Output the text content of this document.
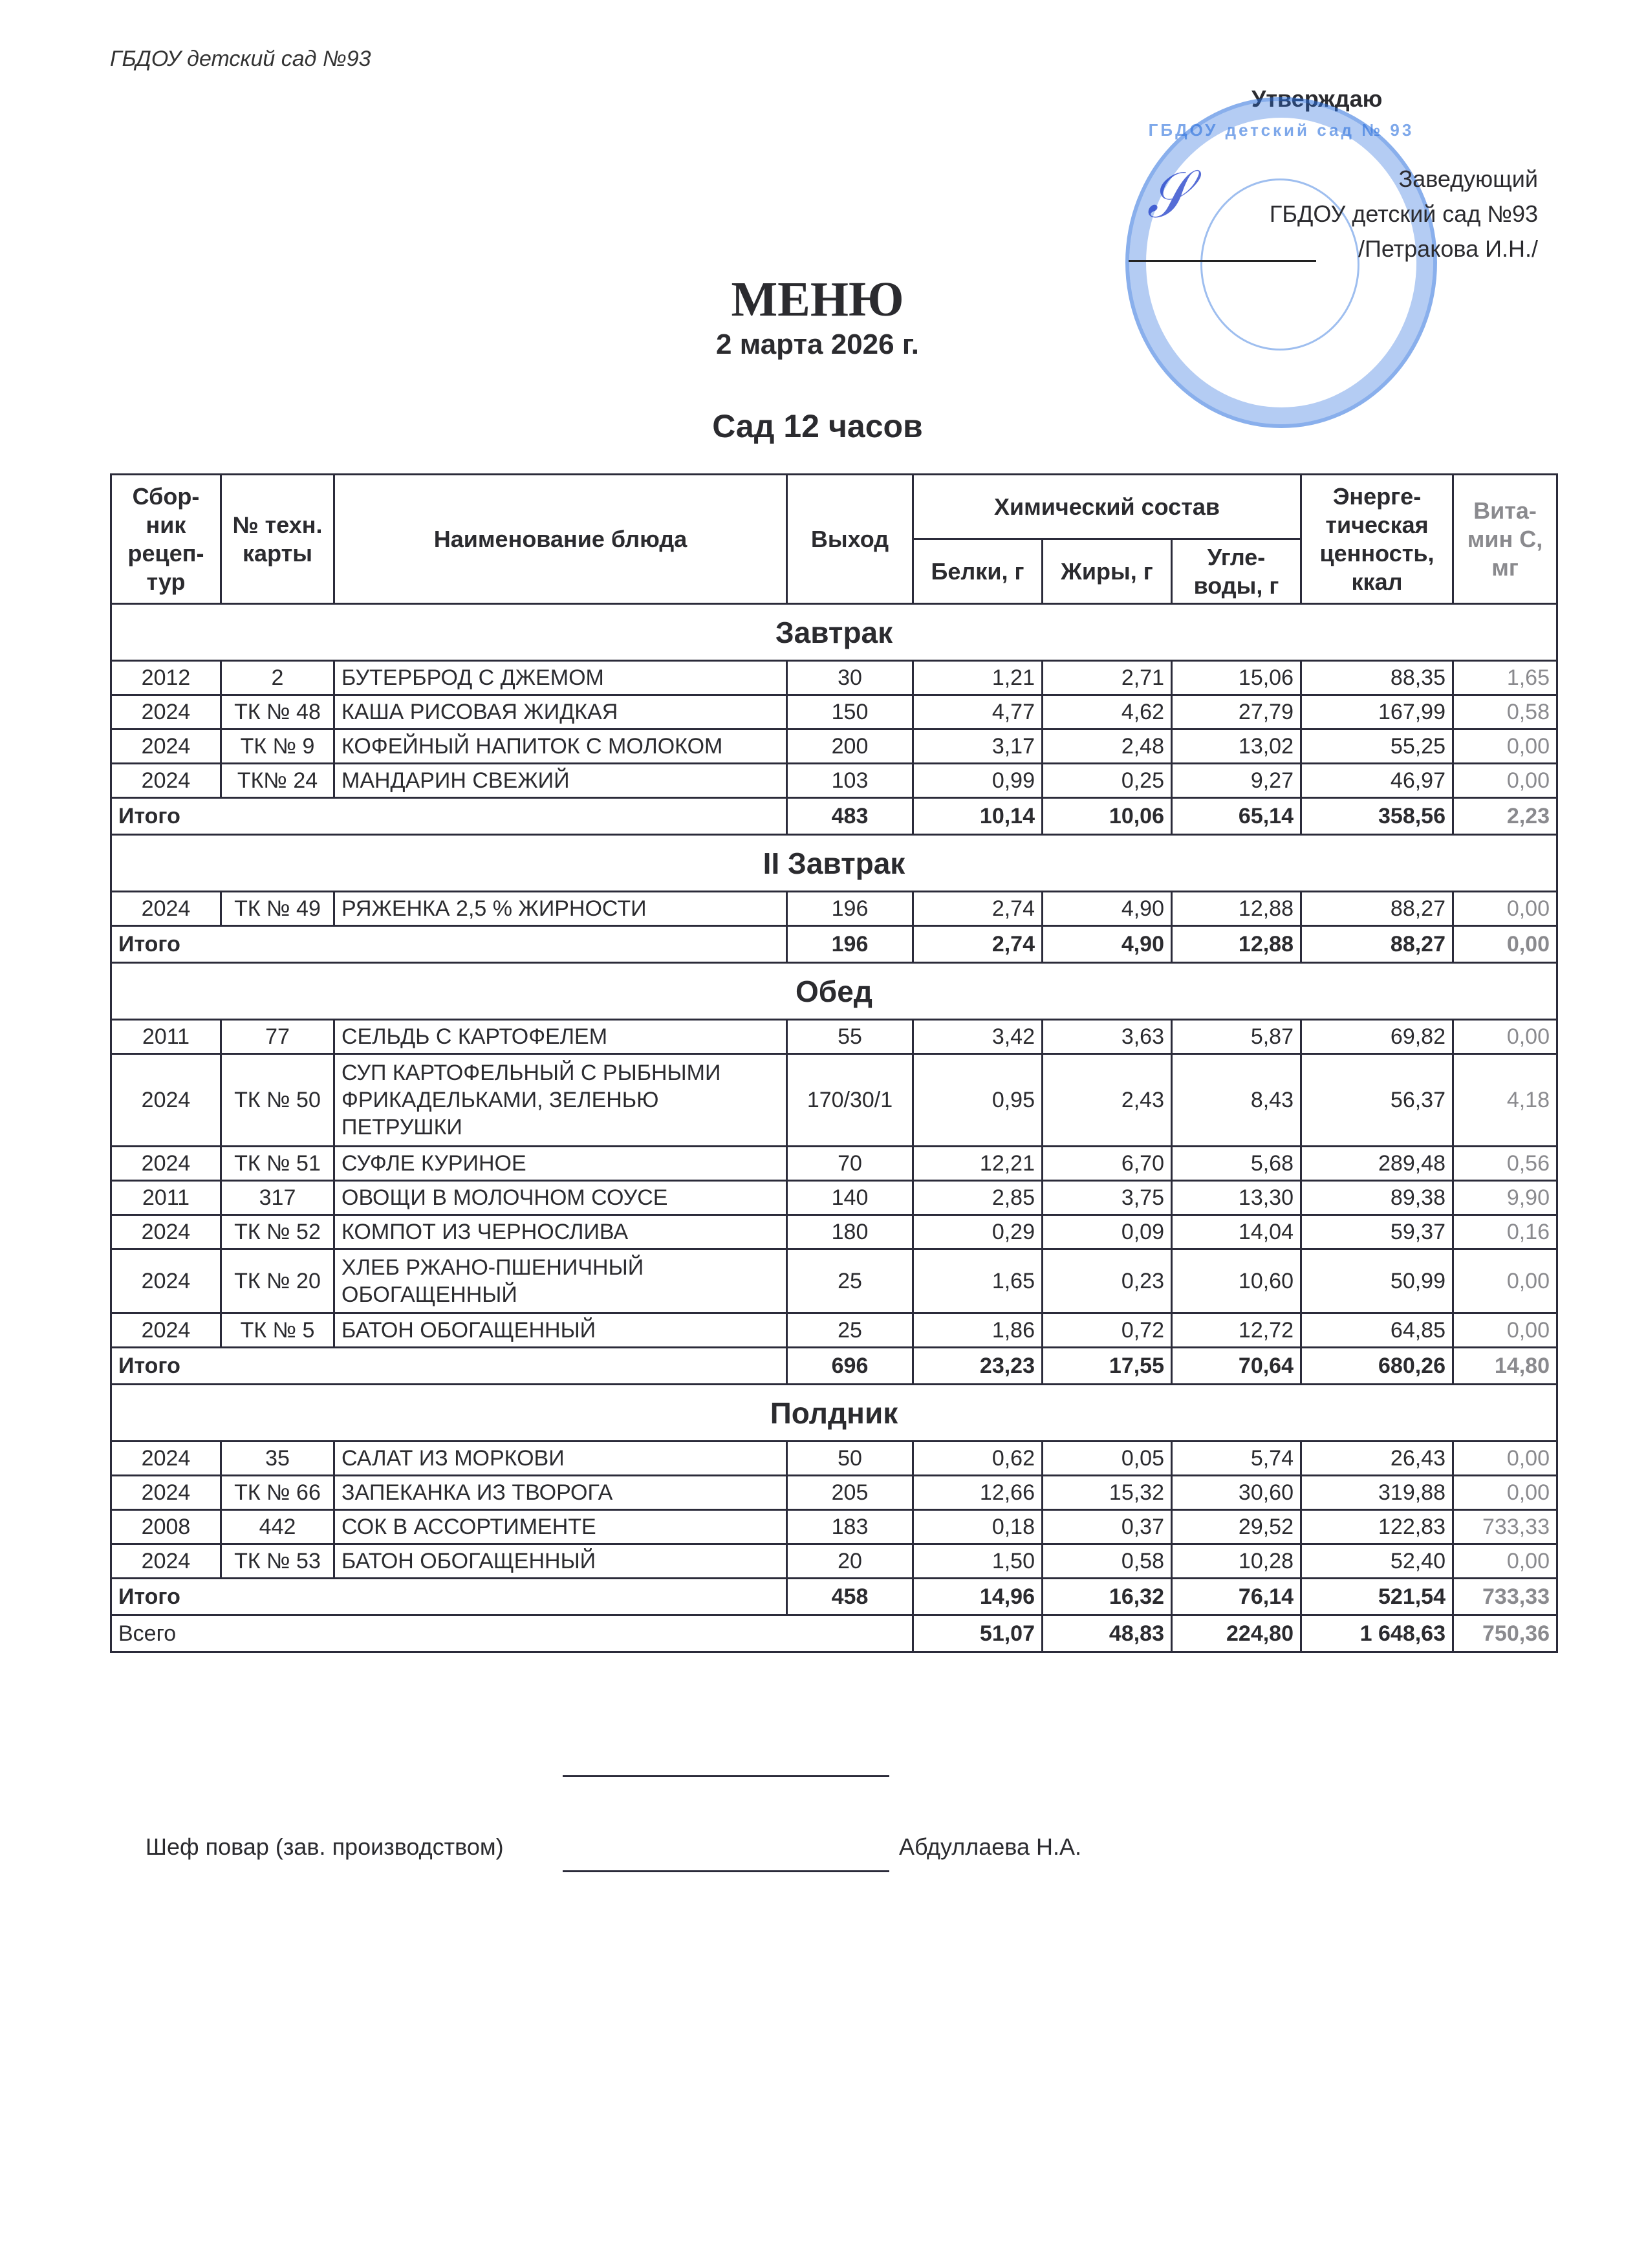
ГБДОУ детский сад №93
Утверждаю
ГБДОУ детский сад № 93
Заведующий
ГБДОУ детский сад №93
/Петракова И.Н./
𝒮
МЕНЮ
2 марта 2026 г.
Сад 12 часов
Сбор-ник рецеп-тур	№ техн. карты	Наименование блюда	Выход	Химический состав			Энерге-тическая ценность, ккал	Вита-мин С, мг
				Белки, г	Жиры, г	Угле-воды, г		
Завтрак								
2012	2	БУТЕРБРОД С ДЖЕМОМ	30	1,21	2,71	15,06	88,35	1,65
2024	ТК № 48	КАША РИСОВАЯ ЖИДКАЯ	150	4,77	4,62	27,79	167,99	0,58
2024	ТК № 9	КОФЕЙНЫЙ НАПИТОК С МОЛОКОМ	200	3,17	2,48	13,02	55,25	0,00
2024	ТК№ 24	МАНДАРИН СВЕЖИЙ	103	0,99	0,25	9,27	46,97	0,00
Итого			483	10,14	10,06	65,14	358,56	2,23
II Завтрак								
2024	ТК № 49	РЯЖЕНКА 2,5 % ЖИРНОСТИ	196	2,74	4,90	12,88	88,27	0,00
Итого			196	2,74	4,90	12,88	88,27	0,00
Обед								
2011	77	СЕЛЬДЬ С КАРТОФЕЛЕМ	55	3,42	3,63	5,87	69,82	0,00
2024	ТК № 50	СУП КАРТОФЕЛЬНЫЙ С РЫБНЫМИ ФРИКАДЕЛЬКАМИ, ЗЕЛЕНЬЮ ПЕТРУШКИ	170/30/1	0,95	2,43	8,43	56,37	4,18
2024	ТК № 51	СУФЛЕ КУРИНОЕ	70	12,21	6,70	5,68	289,48	0,56
2011	317	ОВОЩИ В МОЛОЧНОМ СОУСЕ	140	2,85	3,75	13,30	89,38	9,90
2024	ТК № 52	КОМПОТ ИЗ ЧЕРНОСЛИВА	180	0,29	0,09	14,04	59,37	0,16
2024	ТК № 20	ХЛЕБ РЖАНО-ПШЕНИЧНЫЙ ОБОГАЩЕННЫЙ	25	1,65	0,23	10,60	50,99	0,00
2024	ТК № 5	БАТОН ОБОГАЩЕННЫЙ	25	1,86	0,72	12,72	64,85	0,00
Итого			696	23,23	17,55	70,64	680,26	14,80
Полдник								
2024	35	САЛАТ ИЗ МОРКОВИ	50	0,62	0,05	5,74	26,43	0,00
2024	ТК № 66	ЗАПЕКАНКА ИЗ ТВОРОГА	205	12,66	15,32	30,60	319,88	0,00
2008	442	СОК В АССОРТИМЕНТЕ	183	0,18	0,37	29,52	122,83	733,33
2024	ТК № 53	БАТОН ОБОГАЩЕННЫЙ	20	1,50	0,58	10,28	52,40	0,00
Итого			458	14,96	16,32	76,14	521,54	733,33
Всего				51,07	48,83	224,80	1 648,63	750,36
Шеф повар (зав. производством)	Абдуллаева Н.А.
